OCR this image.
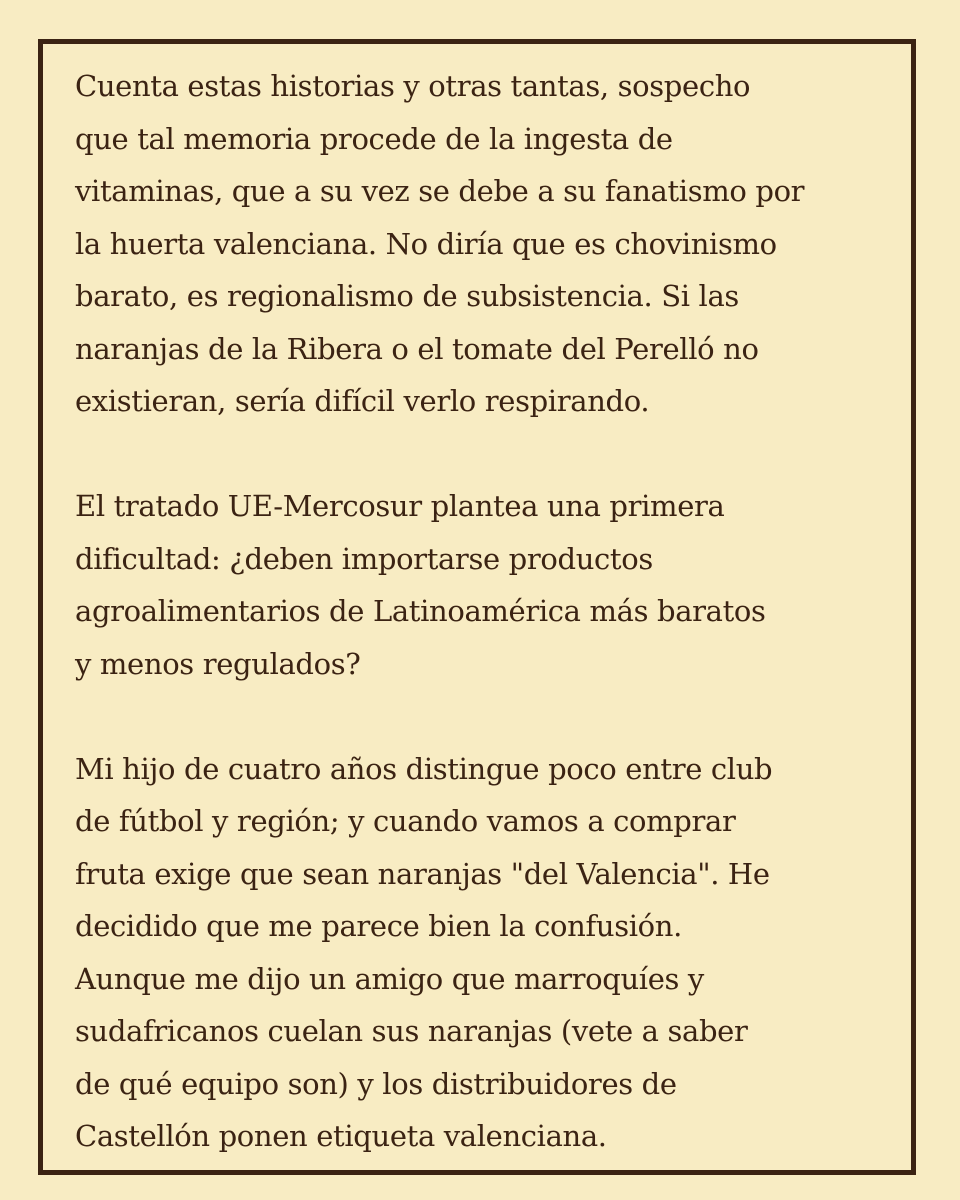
Cuenta estas historias y otras tantas, sospecho
que tal memoria procede de la ingesta de
vitaminas, que a su vez se debe a su fanatismo por
la huerta valenciana. No diría que es chovinismo
barato, es regionalismo de subsistencia. Si las
naranjas de la Ribera o el tomate del Perelló no
existieran, sería difícil verlo respirando.

El tratado UE-Mercosur plantea una primera
dificultad: ¿deben importarse productos
agroalimentarios de Latinoamérica más baratos
y menos regulados?

Mi hijo de cuatro años distingue poco entre club
de fútbol y región; y cuando vamos a comprar
fruta exige que sean naranjas "del Valencia". He
decidido que me parece bien la confusión.
Aunque me dijo un amigo que marroquíes y
sudafricanos cuelan sus naranjas (vete a saber
de qué equipo son) y los distribuidores de
Castellón ponen etiqueta valenciana.
